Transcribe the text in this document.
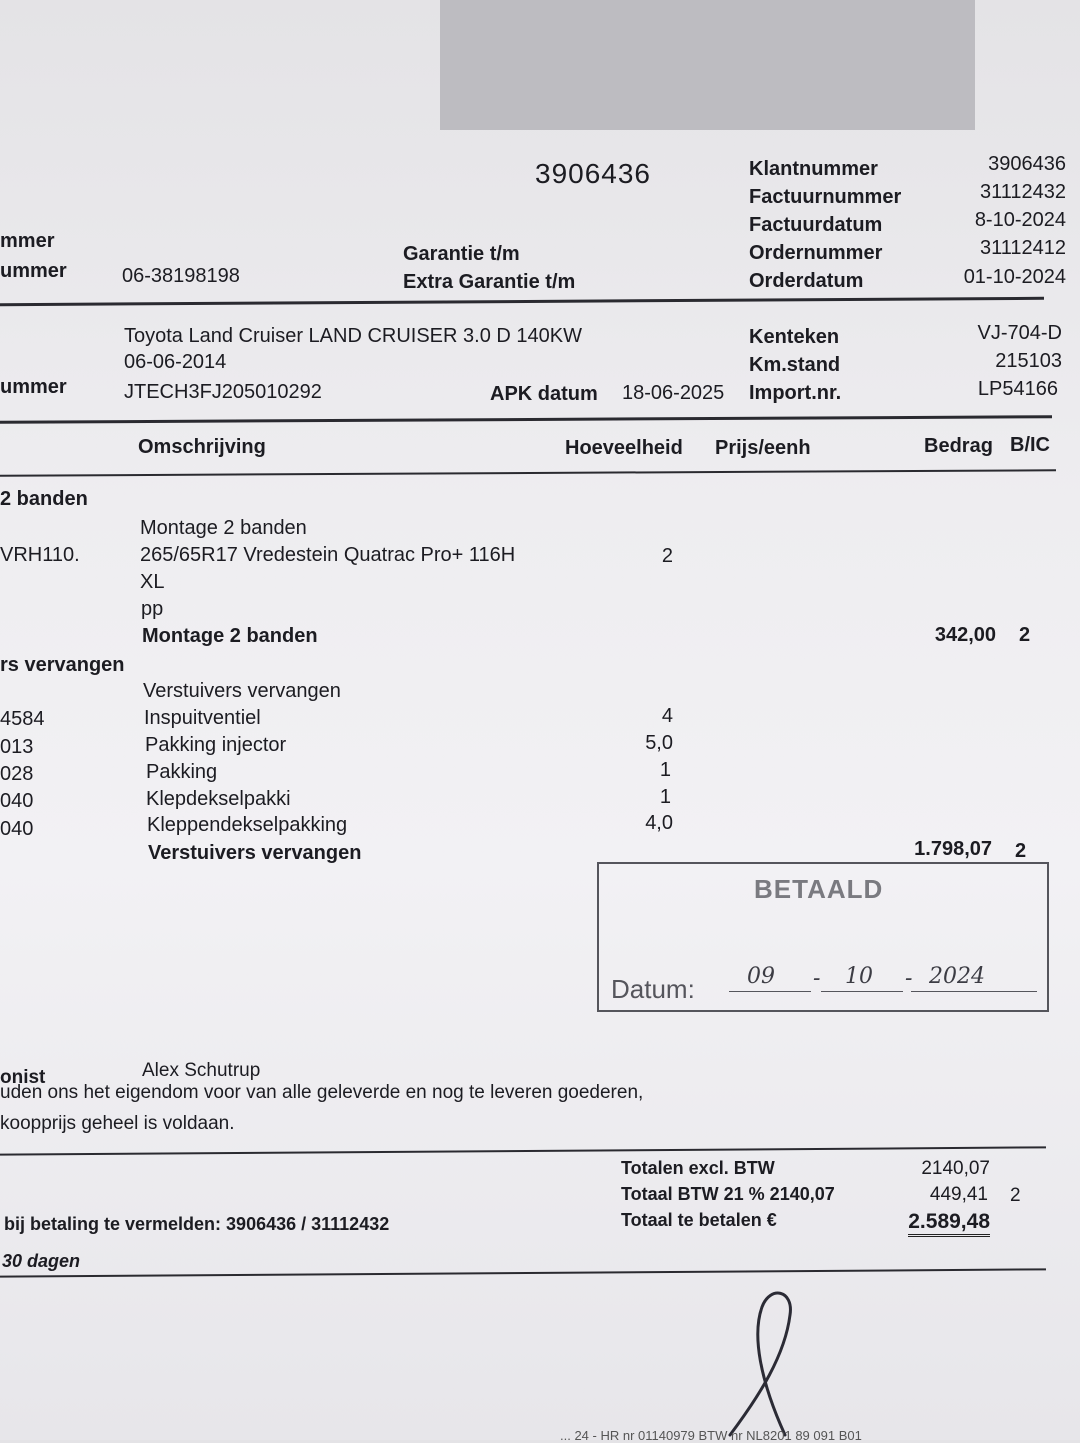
3906436
mmer
ummer	06-38198198
Garantie t/m
Extra Garantie t/m
Klantnummer	3906436
Factuurnummer	31112432
Factuurdatum	8-10-2024
Ordernummer	31112412
Orderdatum	01-10-2024
Toyota Land Cruiser LAND CRUISER 3.0 D 140KW
06-06-2014
ummer	JTECH3FJ205010292	APK datum 18-06-2025
Kenteken	VJ-704-D
Km.stand	215103
Import.nr.	LP54166
Omschrijving	Hoeveelheid Prijs/eenh	Bedrag B/IC
2 banden
Montage 2 banden
VRH110.	265/65R17 Vredestein Quatrac Pro+ 116H	2
XL
pp
Montage 2 banden	342,00 2
rs vervangen
Verstuivers vervangen
4584	Inspuitventiel	4
013	Pakking injector	5,0
028	Pakking	1
040	Klepdekselpakki	1
040	Kleppendekselpakking	4,0
Verstuivers vervangen	1.798,07 2
BETAALD
Datum: 09 - 10 - 2024
onist	Alex Schutrup
uden ons het eigendom voor van alle geleverde en nog te leveren goederen,
koopprijs geheel is voldaan.
Totalen excl. BTW	2140,07
Totaal BTW 21 % 2140,07	449,41 2
Totaal te betalen €	2.589,48
bij betaling te vermelden: 3906436 / 31112432
30 dagen
... 24 - HR nr 01140979 BTW nr NL8201 89 091 B01
